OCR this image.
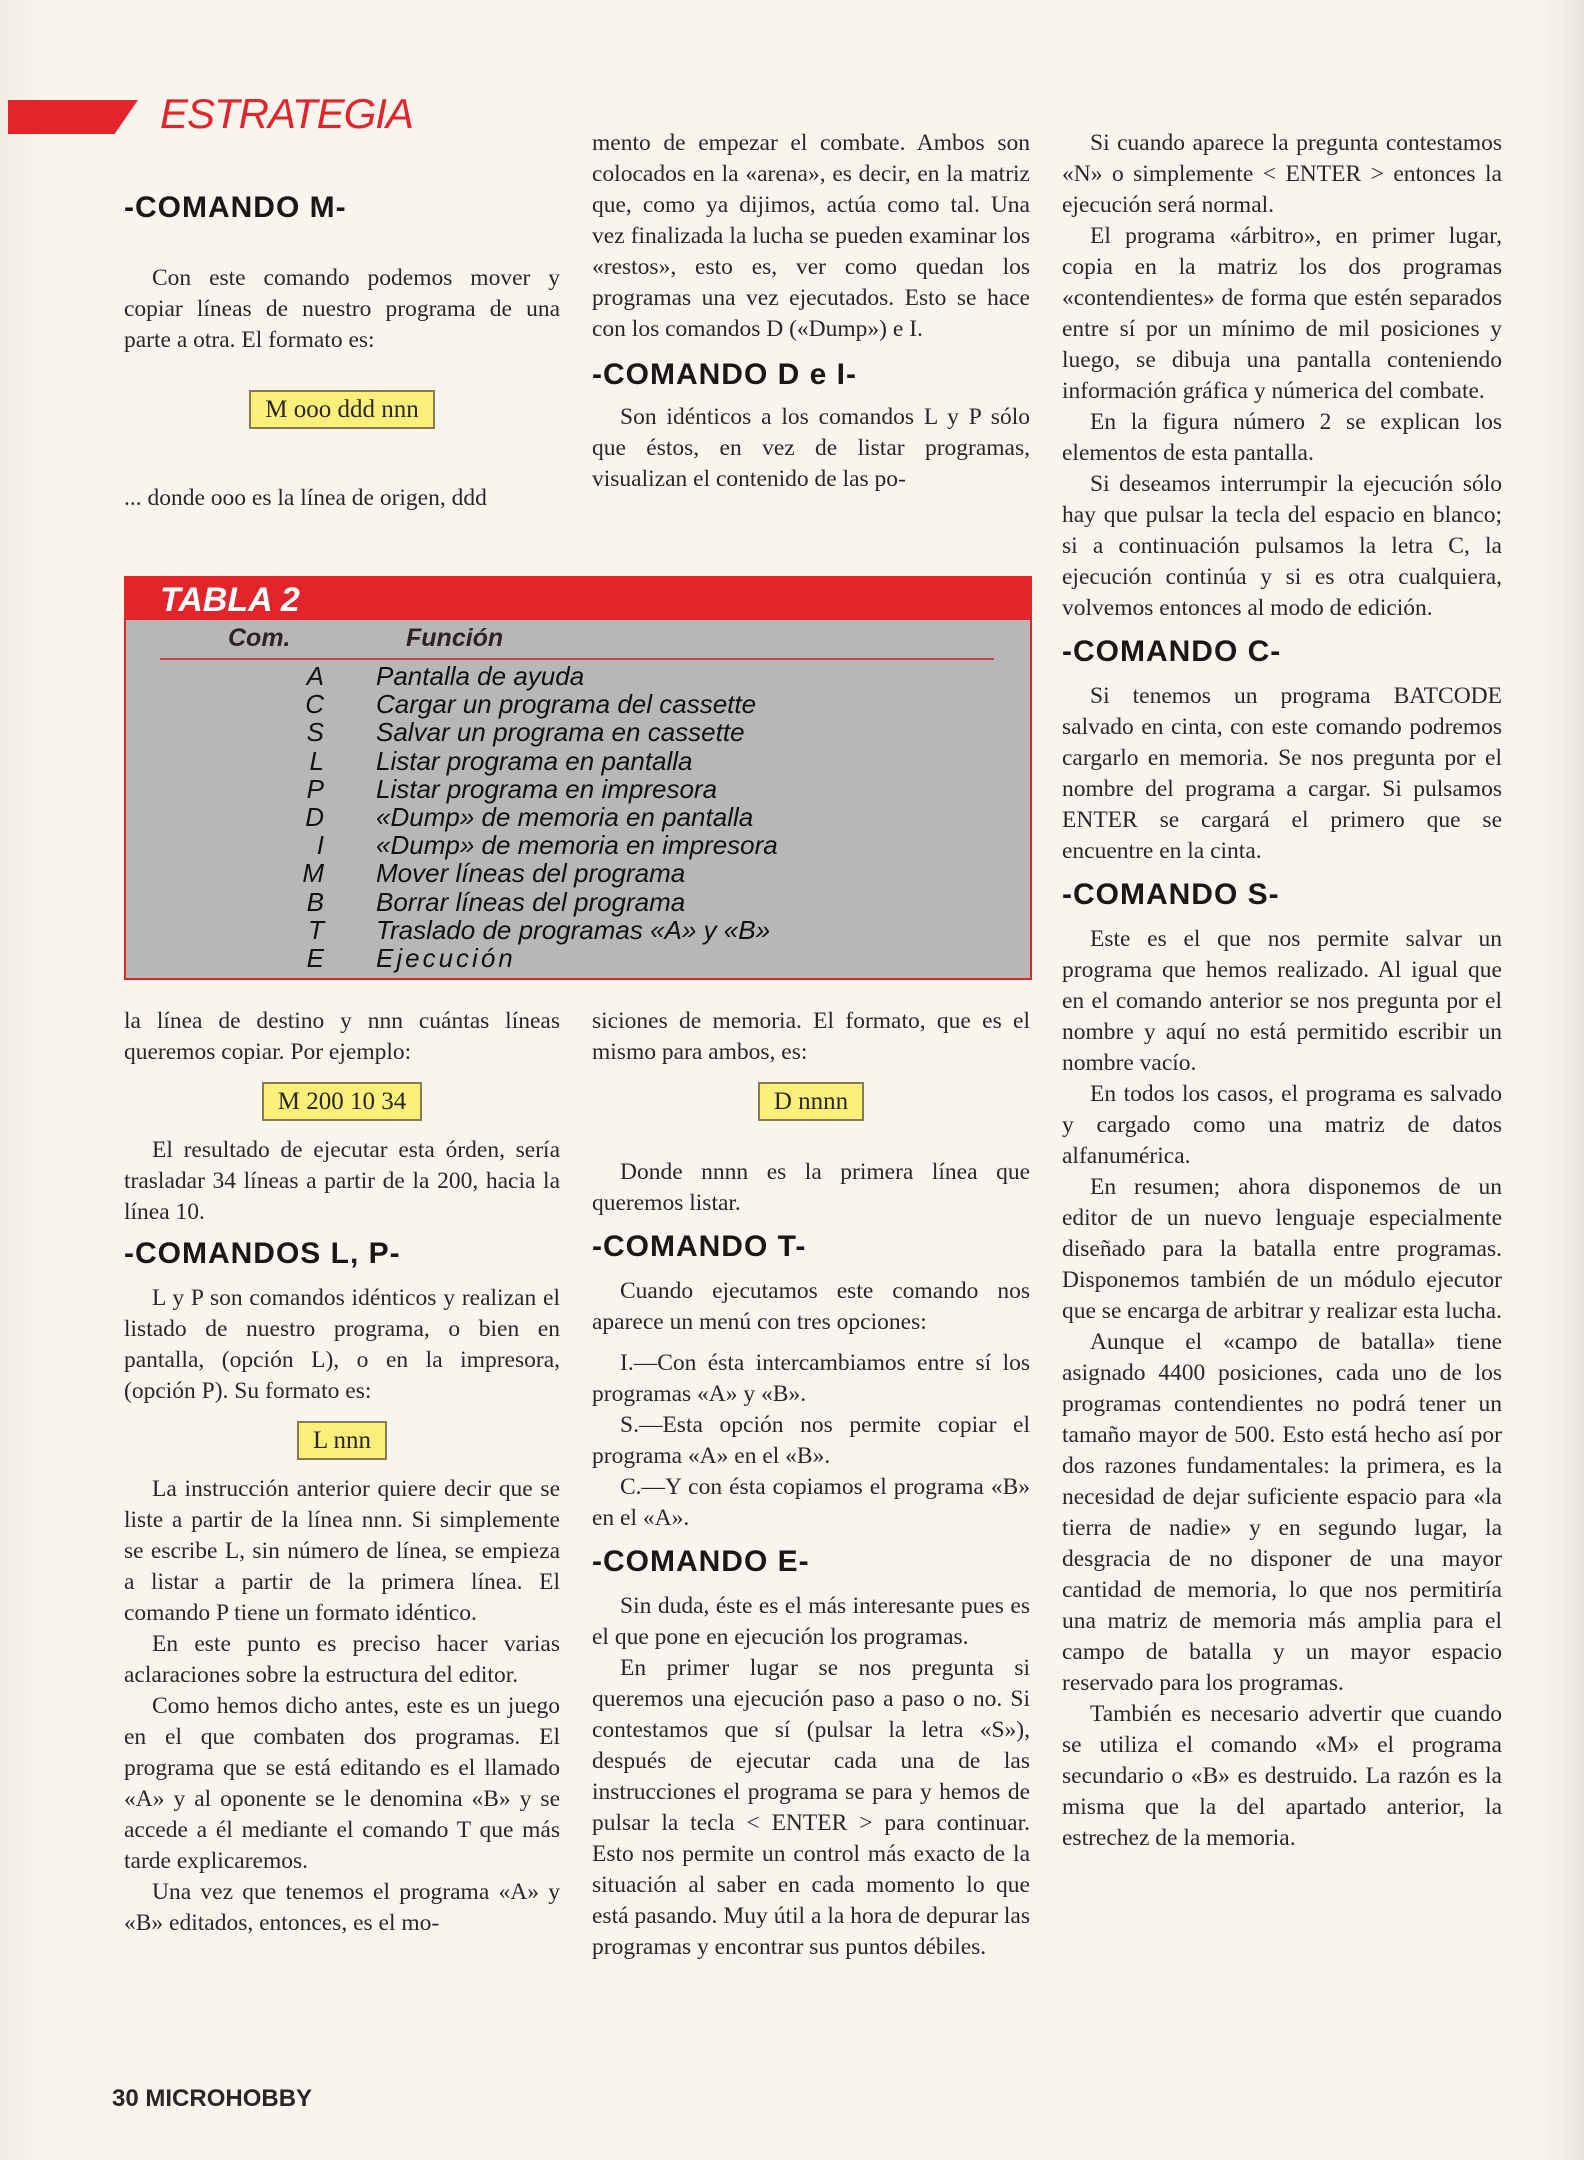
ESTRATEGIA

-COMANDO M-

Con este comando podemos mover y copiar líneas de nuestro programa de una parte a otra. El formato es:

M ooo ddd nnn

... donde ooo es la línea de origen, ddd

la línea de destino y nnn cuántas líneas queremos copiar. Por ejemplo:

M 200 10 34

El resultado de ejecutar esta órden, sería trasladar 34 líneas a partir de la 200, hacia la línea 10.

-COMANDOS L, P-

L y P son comandos idénticos y realizan el listado de nuestro programa, o bien en pantalla, (opción L), o en la impresora, (opción P). Su formato es:

L nnn

La instrucción anterior quiere decir que se liste a partir de la línea nnn. Si simplemente se escribe L, sin número de línea, se empieza a listar a partir de la primera línea. El comando P tiene un formato idéntico.

En este punto es preciso hacer varias aclaraciones sobre la estructura del editor.

Como hemos dicho antes, este es un juego en el que combaten dos programas. El programa que se está editando es el llamado «A» y al oponente se le denomina «B» y se accede a él mediante el comando T que más tarde explicaremos.

Una vez que tenemos el programa «A» y «B» editados, entonces, es el mo-

mento de empezar el combate. Ambos son colocados en la «arena», es decir, en la matriz que, como ya dijimos, actúa como tal. Una vez finalizada la lucha se pueden examinar los «restos», esto es, ver como quedan los programas una vez ejecutados. Esto se hace con los comandos D («Dump») e I.

-COMANDO D e I-

Son idénticos a los comandos L y P sólo que éstos, en vez de listar programas, visualizan el contenido de las po-

siciones de memoria. El formato, que es el mismo para ambos, es:

D nnnn

Donde nnnn es la primera línea que queremos listar.

-COMANDO T-

Cuando ejecutamos este comando nos aparece un menú con tres opciones:

I.—Con ésta intercambiamos entre sí los programas «A» y «B».

S.—Esta opción nos permite copiar el programa «A» en el «B».

C.—Y con ésta copiamos el programa «B» en el «A».

-COMANDO E-

Sin duda, éste es el más interesante pues es el que pone en ejecución los programas.

En primer lugar se nos pregunta si queremos una ejecución paso a paso o no. Si contestamos que sí (pulsar la letra «S»), después de ejecutar cada una de las instrucciones el programa se para y hemos de pulsar la tecla < ENTER > para continuar. Esto nos permite un control más exacto de la situación al saber en cada momento lo que está pasando. Muy útil a la hora de depurar las programas y encontrar sus puntos débiles.

Si cuando aparece la pregunta contestamos «N» o simplemente < ENTER > entonces la ejecución será normal.

El programa «árbitro», en primer lugar, copia en la matriz los dos programas «contendientes» de forma que estén separados entre sí por un mínimo de mil posiciones y luego, se dibuja una pantalla conteniendo información gráfica y númerica del combate.

En la figura número 2 se explican los elementos de esta pantalla.

Si deseamos interrumpir la ejecución sólo hay que pulsar la tecla del espacio en blanco; si a continuación pulsamos la letra C, la ejecución continúa y si es otra cualquiera, volvemos entonces al modo de edición.

-COMANDO C-

Si tenemos un programa BATCODE salvado en cinta, con este comando podremos cargarlo en memoria. Se nos pregunta por el nombre del programa a cargar. Si pulsamos ENTER se cargará el primero que se encuentre en la cinta.

-COMANDO S-

Este es el que nos permite salvar un programa que hemos realizado. Al igual que en el comando anterior se nos pregunta por el nombre y aquí no está permitido escribir un nombre vacío.

En todos los casos, el programa es salvado y cargado como una matriz de datos alfanumérica.

En resumen; ahora disponemos de un editor de un nuevo lenguaje especialmente diseñado para la batalla entre programas. Disponemos también de un módulo ejecutor que se encarga de arbitrar y realizar esta lucha.

Aunque el «campo de batalla» tiene asignado 4400 posiciones, cada uno de los programas contendientes no podrá tener un tamaño mayor de 500. Esto está hecho así por dos razones fundamentales: la primera, es la necesidad de dejar suficiente espacio para «la tierra de nadie» y en segundo lugar, la desgracia de no disponer de una mayor cantidad de memoria, lo que nos permitiría una matriz de memoria más amplia para el campo de batalla y un mayor espacio reservado para los programas.

También es necesario advertir que cuando se utiliza el comando «M» el programa secundario o «B» es destruido. La razón es la misma que la del apartado anterior, la estrechez de la memoria.

TABLA 2
Com.	Función
A Pantalla de ayuda
C Cargar un programa del cassette
S Salvar un programa en cassette
L Listar programa en pantalla
P Listar programa en impresora
D «Dump» de memoria en pantalla
I «Dump» de memoria en impresora
M Mover líneas del programa
B Borrar líneas del programa
T Traslado de programas «A» y «B»
E Ejecución
30 MICROHOBBY
